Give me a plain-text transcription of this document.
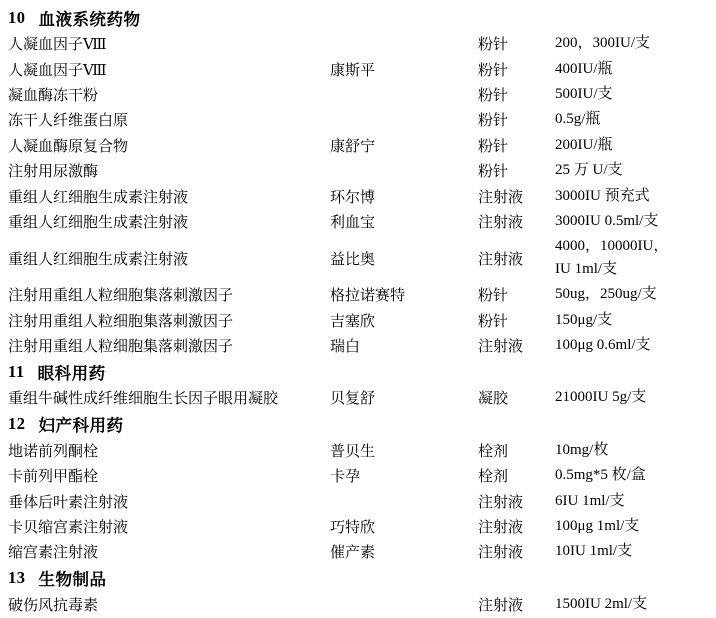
10 血液系统药物
人凝血因子Ⅷ	粉针	200，300IU/支
人凝血因子Ⅷ	康斯平	粉针	400IU/瓶
凝血酶冻干粉	粉针	500IU/支
冻干人纤维蛋白原	粉针	0.5g/瓶
人凝血酶原复合物	康舒宁	粉针	200IU/瓶
注射用尿激酶	粉针	25 万 U/支
重组人红细胞生成素注射液	环尔博	注射液	3000IU 预充式
重组人红细胞生成素注射液	利血宝	注射液	3000IU 0.5ml/支
重组人红细胞生成素注射液	益比奥	注射液
4000，10000IU，
IU 1ml/支
注射用重组人粒细胞集落刺激因子	格拉诺赛特	粉针	50ug，250ug/支
注射用重组人粒细胞集落刺激因子	吉塞欣	粉针	150μg/支
注射用重组人粒细胞集落刺激因子	瑞白	注射液	100μg 0.6ml/支
11 眼科用药
重组牛碱性成纤维细胞生长因子眼用凝胶	贝复舒	凝胶	21000IU 5g/支
12 妇产科用药
地诺前列酮栓	普贝生	栓剂	10mg/枚
卡前列甲酯栓	卡孕	栓剂	0.5mg*5 枚/盒
垂体后叶素注射液	注射液	6IU 1ml/支
卡贝缩宫素注射液	巧特欣	注射液	100μg 1ml/支
缩宫素注射液	催产素	注射液	10IU 1ml/支
13 生物制品
破伤风抗毒素	注射液	1500IU 2ml/支
